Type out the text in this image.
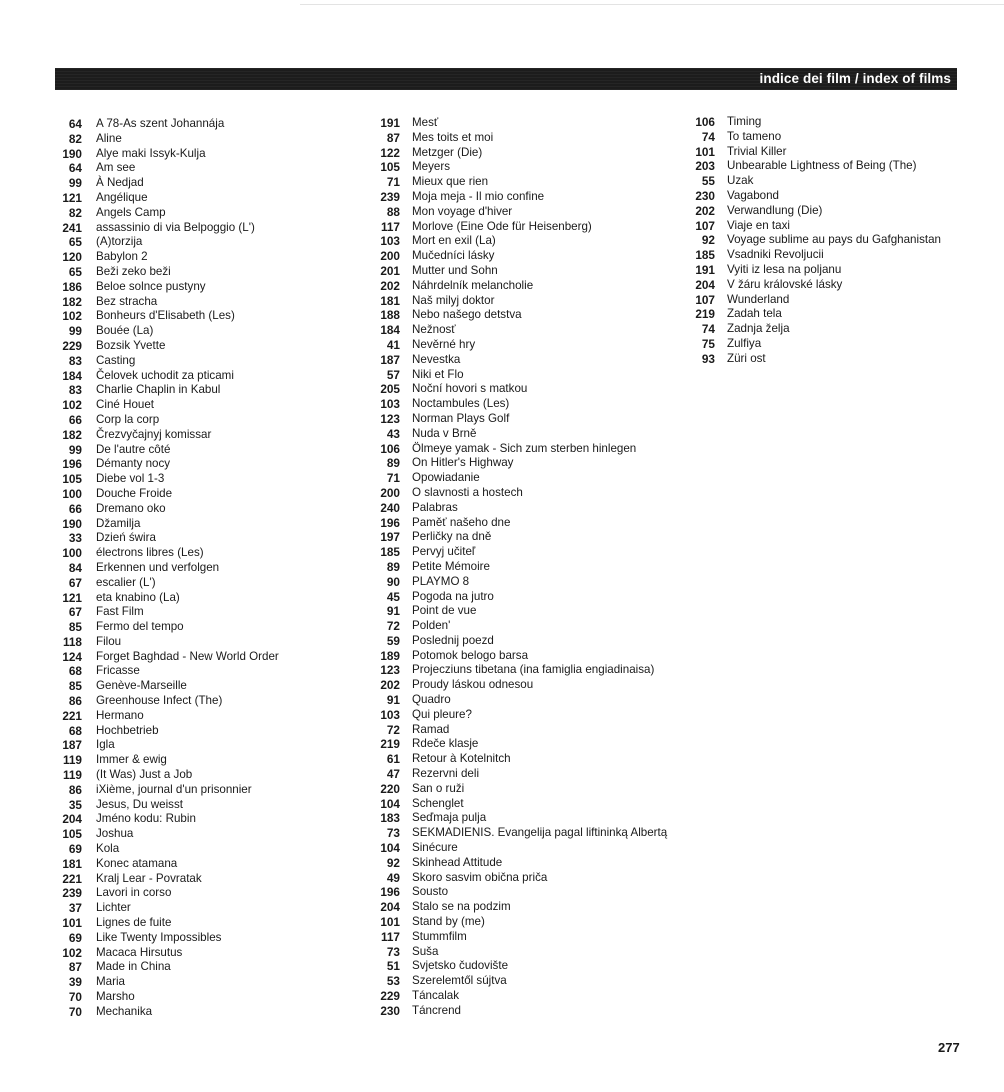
indice dei film / index of films
64 A 78-As szent Johannája
82 Aline
190 Alye maki Issyk-Kulja
64 Am see
99 À Nedjad
121 Angélique
82 Angels Camp
241 assassinio di via Belpoggio (L')
65 (A)torzija
120 Babylon 2
65 Beži zeko beži
186 Beloe solnce pustyny
182 Bez stracha
102 Bonheurs d'Elisabeth (Les)
99 Bouée (La)
229 Bozsik Yvette
83 Casting
184 Čelovek uchodit za pticami
83 Charlie Chaplin in Kabul
102 Ciné Houet
66 Corp la corp
182 Črezvyčajnyj komissar
99 De l'autre côté
196 Démanty nocy
105 Diebe vol 1-3
100 Douche Froide
66 Dremano oko
190 Džamilja
33 Dzień świra
100 électrons libres (Les)
84 Erkennen und verfolgen
67 escalier (L')
121 eta knabino (La)
67 Fast Film
85 Fermo del tempo
118 Filou
124 Forget Baghdad - New World Order
68 Fricasse
85 Genève-Marseille
86 Greenhouse Infect (The)
221 Hermano
68 Hochbetrieb
187 Igla
119 Immer & ewig
119 (It Was) Just a Job
86 iXième, journal d'un prisonnier
35 Jesus, Du weisst
204 Jméno kodu: Rubin
105 Joshua
69 Kola
181 Konec atamana
221 Kralj Lear - Povratak
239 Lavori in corso
37 Lichter
101 Lignes de fuite
69 Like Twenty Impossibles
102 Macaca Hirsutus
87 Made in China
39 Maria
70 Marsho
70 Mechanika
191 Mesť
87 Mes toits et moi
122 Metzger (Die)
105 Meyers
71 Mieux que rien
239 Moja meja - Il mio confine
88 Mon voyage d'hiver
117 Morlove (Eine Ode für Heisenberg)
103 Mort en exil (La)
200 Mučedníci lásky
201 Mutter und Sohn
202 Náhrdelník melancholie
181 Naš milyj doktor
188 Nebo našego detstva
184 Nežnosť
41 Nevěrné hry
187 Nevestka
57 Niki et Flo
205 Noční hovori s matkou
103 Noctambules (Les)
123 Norman Plays Golf
43 Nuda v Brně
106 Ölmeye yamak - Sich zum sterben hinlegen
89 On Hitler's Highway
71 Opowiadanie
200 O slavnosti a hostech
240 Palabras
196 Paměť našeho dne
197 Perličky na dně
185 Pervyj učiteľ
89 Petite Mémoire
90 PLAYMO 8
45 Pogoda na jutro
91 Point de vue
72 Polden'
59 Poslednij poezd
189 Potomok belogo barsa
123 Projecziuns tibetana (ina famiglia engiadinaisa)
202 Proudy láskou odnesou
91 Quadro
103 Qui pleure?
72 Ramad
219 Rdeče klasje
61 Retour à Kotelnitch
47 Rezervni deli
220 San o ruži
104 Schenglet
183 Seďmaja pulja
73 SEKMADIENIS. Evangelija pagal liftininką Albertą
104 Sinécure
92 Skinhead Attitude
49 Skoro sasvim obična priča
196 Sousto
204 Stalo se na podzim
101 Stand by (me)
117 Stummfilm
73 Suša
51 Svjetsko čudovište
53 Szerelemtől sújtva
229 Táncalak
230 Táncrend
106 Timing
74 To tameno
101 Trivial Killer
203 Unbearable Lightness of Being (The)
55 Uzak
230 Vagabond
202 Verwandlung (Die)
107 Viaje en taxi
92 Voyage sublime au pays du Gafghanistan
185 Vsadniki Revoljucii
191 Vyiti iz lesa na poljanu
204 V žáru královské lásky
107 Wunderland
219 Zadah tela
74 Zadnja želja
75 Zulfiya
93 Züri ost
277
